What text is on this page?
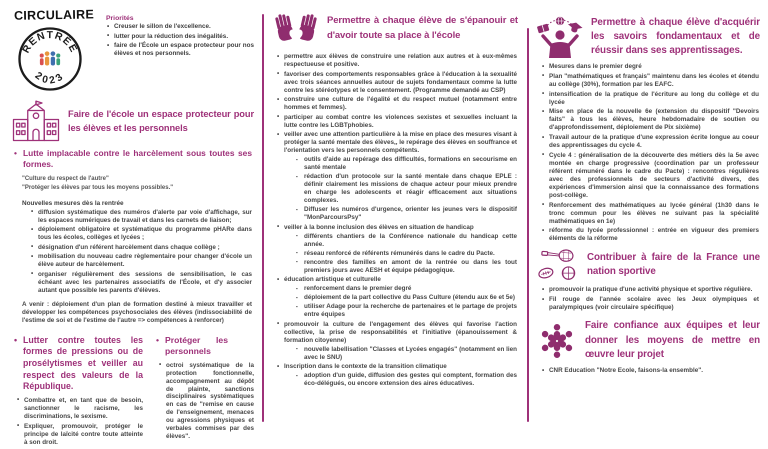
CIRCULAIRE
RENTRÉE
2023
Priorités
• Creuser le sillon de l'excellence.
• lutter pour la réduction des inégalités.
• faire de l'École un espace protecteur pour nos élèves et nos personnels.
Faire de l'école un espace protecteur pour les élèves et les personnels
• Lutte implacable contre le harcèlement sous toutes ses formes.
"Culture du respect de l'autre"
"Protéger les élèves par tous les moyens possibles."
Nouvelles mesures dès la rentrée
• diffusion systématique des numéros d'alerte par voie d'affichage, sur les espaces numériques de travail et dans les carnets de liaison;
• déploiement obligatoire et systématique du programme pHARe dans tous les écoles, collèges et lycées ;
• désignation d'un référent harcèlement dans chaque collège ;
• mobilisation du nouveau cadre règlementaire pour changer d'école un élève auteur de harcèlement.
• organiser régulièrement des sessions de sensibilisation, le cas échéant avec les partenaires associatifs de l'École, et d'y associer autant que possible les parents d'élèves.
A venir : déploiement d'un plan de formation destiné à mieux travailler et développer les compétences psychosociales des élèves (indissociabilité de l'estime de soi et de l'estime de l'autre => compétences à renforcer)
• Lutter contre toutes les formes de pressions ou de prosélytismes et veiller au respect des valeurs de la République.
• Combattre et, en tant que de besoin, sanctionner le racisme, les discriminations, le sexisme.
• Expliquer, promouvoir, protéger le principe de laïcité contre toute atteinte à son droit.
• Protéger les personnels
• octroi systématique de la protection fonctionnelle, accompagnement au dépôt de plainte, sanctions disciplinaires systématiques en cas de "remise en cause de l'enseignement, menaces ou agressions physiques et verbales commises par des élèves".
Permettre à chaque élève de s'épanouir et d'avoir toute sa place à l'école
• permettre aux élèves de construire une relation aux autres et à eux-mêmes respectueuse et positive.
• favoriser des comportements responsables grâce à l'éducation à la sexualité avec trois séances annuelles autour de sujets fondamentaux comme la lutte contre les stéréotypes et le consentement. (Programme demandé au CSP)
• construire une culture de l'égalité et du respect mutuel (notamment entre hommes et femmes).
• participer au combat contre les violences sexistes et sexuelles incluant la lutte contre les LGBTphobies.
• veiller avec une attention particulière à la mise en place des mesures visant à protéger la santé mentale des élèves,, le repérage des élèves en souffrance et l'orientation vers les personnels compétents.
▪ outils d'aide au repérage des difficultés, formations en secourisme en santé mentale
▪ rédaction d'un protocole sur la santé mentale dans chaque EPLE : définir clairement les missions de chaque acteur pour mieux prendre en charge les adolescents et réagir efficacement aux situations complexes.
▪ Diffuser les numéros d'urgence, orienter les jeunes vers le dispositif "MonParcoursPsy"
• veiller à la bonne inclusion des élèves en situation de handicap
▪ différents chantiers de la Conférence nationale du handicap cette année.
▪ réseau renforcé de référents rémunérés dans le cadre du Pacte.
▪ rencontre des familles en amont de la rentrée ou dans les tout premiers jours avec AESH et équipe pédagogique.
• éducation artistique et culturelle
▪ renforcement dans le premier degré
▪ déploiement de la part collective du Pass Culture (étendu aux 6e et 5e)
▪ utiliser Adage pour la recherche de partenaires et le partage de projets entre équipes
• promouvoir la culture de l'engagement des élèves qui favorise l'action collective, la prise de responsabilités et l'initiative (épanouissement & formation citoyenne)
▪ nouvelle labellisation "Classes et Lycées engagés" (notamment en lien avec le SNU)
• Inscription dans le contexte de la transition climatique
▪ adoption d'un guide, diffusion des gestes qui comptent, formation des éco-délégués, ou encore extension des aires éducatives.
Permettre à chaque élève d'acquérir les savoirs fondamentaux et de réussir dans ses apprentissages.
• Mesures dans le premier degré
• Plan "mathématiques et français" maintenu dans les écoles et étendu au collège (30%), formation par les EAFC.
• intensification de la pratique de l'écriture au long du collège et du lycée
• Mise en place de la nouvelle 6e (extension du dispositif "Devoirs faits" à tous les élèves, heure hebdomadaire de soutien ou d'approfondissement, déploiement de Pix sixième)
• Travail autour de la pratique d'une expression écrite longue au coeur des apprentissages du cycle 4.
• Cycle 4 : généralisation de la découverte des métiers dès la 5e avec montée en charge progressive (coordination par un professeur référent rémunéré dans le cadre du Pacte) : rencontres régulières avec des professionnels de secteurs d'activité divers, des expériences d'immersion ainsi que la connaissance des formations post-collège.
• Renforcement des mathématiques au lycée général (1h30 dans le tronc commun pour les élèves ne suivant pas la spécialité mathématiques en 1e)
• réforme du lycée professionnel : entrée en vigueur des premiers éléments de la réforme
Contribuer à faire de la France une nation sportive
• promouvoir la pratique d'une activité physique et sportive régulière.
• Fil rouge de l'année scolaire avec les Jeux olympiques et paralympiques (voir circulaire spécifique)
Faire confiance aux équipes et leur donner les moyens de mettre en œuvre leur projet
• CNR Education "Notre Ecole, faisons-la ensemble".
